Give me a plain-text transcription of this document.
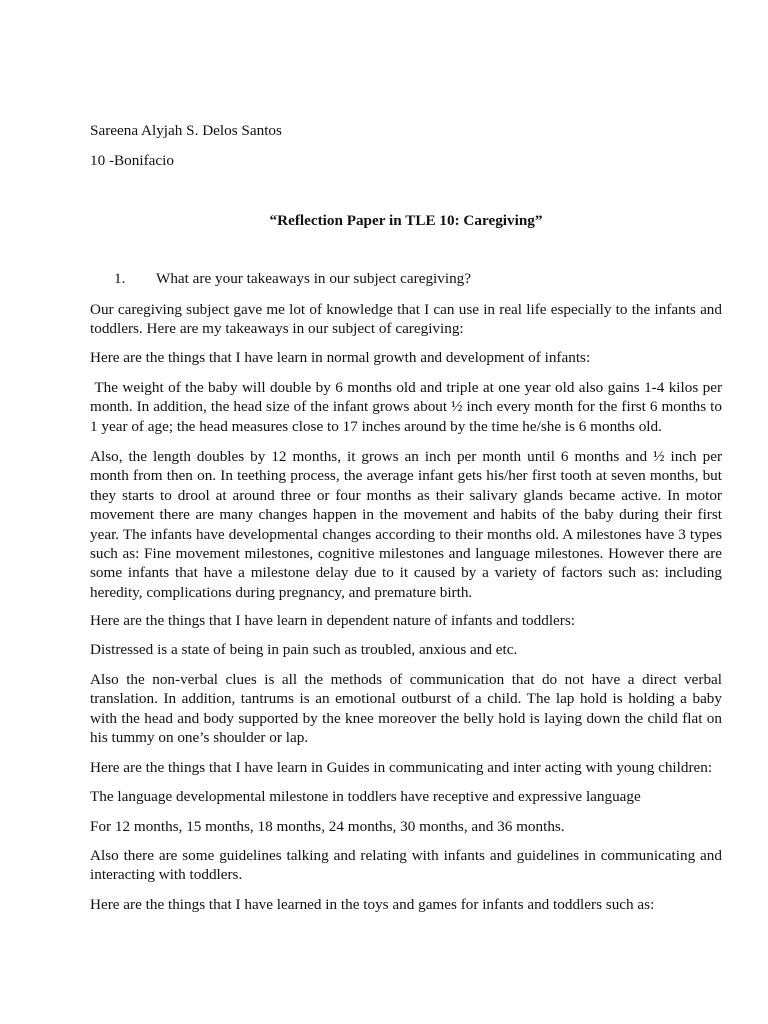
Sareena Alyjah S. Delos Santos

10 -Bonifacio

“Reflection Paper in TLE 10: Caregiving”

1.	What are your takeaways in our subject caregiving?

Our caregiving subject gave me lot of knowledge that I can use in real life especially to the infants and toddlers. Here are my takeaways in our subject of caregiving:

Here are the things that I have learn in normal growth and development of infants:

The weight of the baby will double by 6 months old and triple at one year old also gains 1-4 kilos per month. In addition, the head size of the infant grows about ½ inch every month for the first 6 months to 1 year of age; the head measures close to 17 inches around by the time he/she is 6 months old.

Also, the length doubles by 12 months, it grows an inch per month until 6 months and ½ inch per month from then on. In teething process, the average infant gets his/her first tooth at seven months, but they starts to drool at around three or four months as their salivary glands became active. In motor movement there are many changes happen in the movement and habits of the baby during their first year. The infants have developmental changes according to their months old. A milestones have 3 types such as: Fine movement milestones, cognitive milestones and language milestones. However there are some infants that have a milestone delay due to it caused by a variety of factors such as: including heredity, complications during pregnancy, and premature birth.

Here are the things that I have learn in dependent nature of infants and toddlers:

Distressed is a state of being in pain such as troubled, anxious and etc.

Also the non-verbal clues is all the methods of communication that do not have a direct verbal translation. In addition, tantrums is an emotional outburst of a child. The lap hold is holding a baby with the head and body supported by the knee moreover the belly hold is laying down the child flat on his tummy on one’s shoulder or lap.

Here are the things that I have learn in Guides in communicating and inter acting with young children:

The language developmental milestone in toddlers have receptive and expressive language

For 12 months, 15 months, 18 months, 24 months, 30 months, and 36 months.

Also there are some guidelines talking and relating with infants and guidelines in communicating and interacting with toddlers.

Here are the things that I have learned in the toys and games for infants and toddlers such as:
